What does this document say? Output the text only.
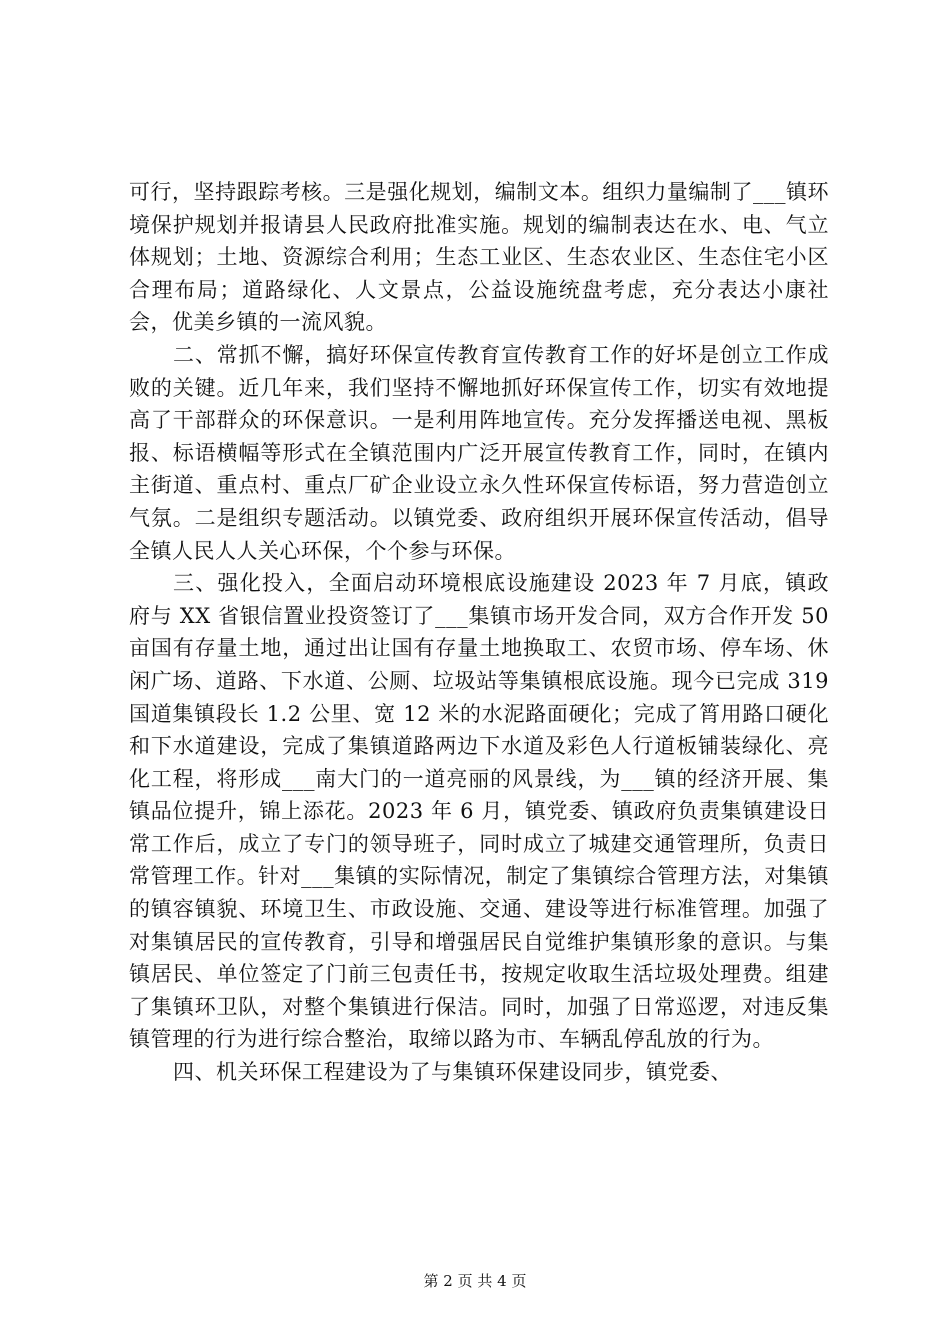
可行，坚持跟踪考核。三是强化规划，编制文本。组织力量编制了___镇环境保护规划并报请县人民政府批准实施。规划的编制表达在水、电、气立体规划；土地、资源综合利用；生态工业区、生态农业区、生态住宅小区合理布局；道路绿化、人文景点，公益设施统盘考虑，充分表达小康社会，优美乡镇的一流风貌。

二、常抓不懈，搞好环保宣传教育宣传教育工作的好坏是创立工作成败的关键。近几年来，我们坚持不懈地抓好环保宣传工作，切实有效地提高了干部群众的环保意识。一是利用阵地宣传。充分发挥播送电视、黑板报、标语横幅等形式在全镇范围内广泛开展宣传教育工作，同时，在镇内主街道、重点村、重点厂矿企业设立永久性环保宣传标语，努力营造创立气氛。二是组织专题活动。以镇党委、政府组织开展环保宣传活动，倡导全镇人民人人关心环保，个个参与环保。

三、强化投入，全面启动环境根底设施建设 2023 年 7 月底，镇政府与 XX 省银信置业投资签订了___集镇市场开发合同，双方合作开发 50 亩国有存量土地，通过出让国有存量土地换取工、农贸市场、停车场、休闲广场、道路、下水道、公厕、垃圾站等集镇根底设施。现今已完成 319 国道集镇段长 1.2 公里、宽 12 米的水泥路面硬化；完成了筲用路口硬化和下水道建设，完成了集镇道路两边下水道及彩色人行道板铺装绿化、亮化工程，将形成___南大门的一道亮丽的风景线，为___镇的经济开展、集镇品位提升，锦上添花。2023 年 6 月，镇党委、镇政府负责集镇建设日常工作后，成立了专门的领导班子，同时成立了城建交通管理所，负责日常管理工作。针对___集镇的实际情况，制定了集镇综合管理方法，对集镇的镇容镇貌、环境卫生、市政设施、交通、建设等进行标准管理。加强了对集镇居民的宣传教育，引导和增强居民自觉维护集镇形象的意识。与集镇居民、单位签定了门前三包责任书，按规定收取生活垃圾处理费。组建了集镇环卫队，对整个集镇进行保洁。同时，加强了日常巡逻，对违反集镇管理的行为进行综合整治，取缔以路为市、车辆乱停乱放的行为。

四、机关环保工程建设为了与集镇环保建设同步，镇党委、

第 2 页 共 4 页
